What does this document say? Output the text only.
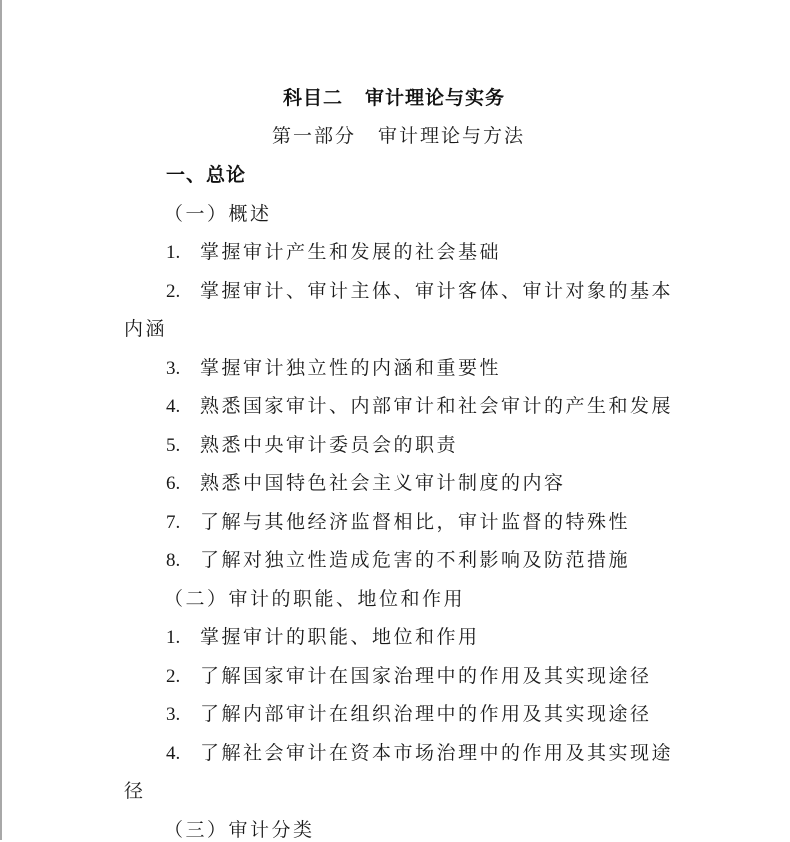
科目二 审计理论与实务
第一部分 审计理论与方法
一、总论
（一）概述
1. 掌握审计产生和发展的社会基础
2. 掌握审计、审计主体、审计客体、审计对象的基本
内涵
3. 掌握审计独立性的内涵和重要性
4. 熟悉国家审计、内部审计和社会审计的产生和发展
5. 熟悉中央审计委员会的职责
6. 熟悉中国特色社会主义审计制度的内容
7. 了解与其他经济监督相比，审计监督的特殊性
8. 了解对独立性造成危害的不利影响及防范措施
（二）审计的职能、地位和作用
1. 掌握审计的职能、地位和作用
2. 了解国家审计在国家治理中的作用及其实现途径
3. 了解内部审计在组织治理中的作用及其实现途径
4. 了解社会审计在资本市场治理中的作用及其实现途
径
（三）审计分类
